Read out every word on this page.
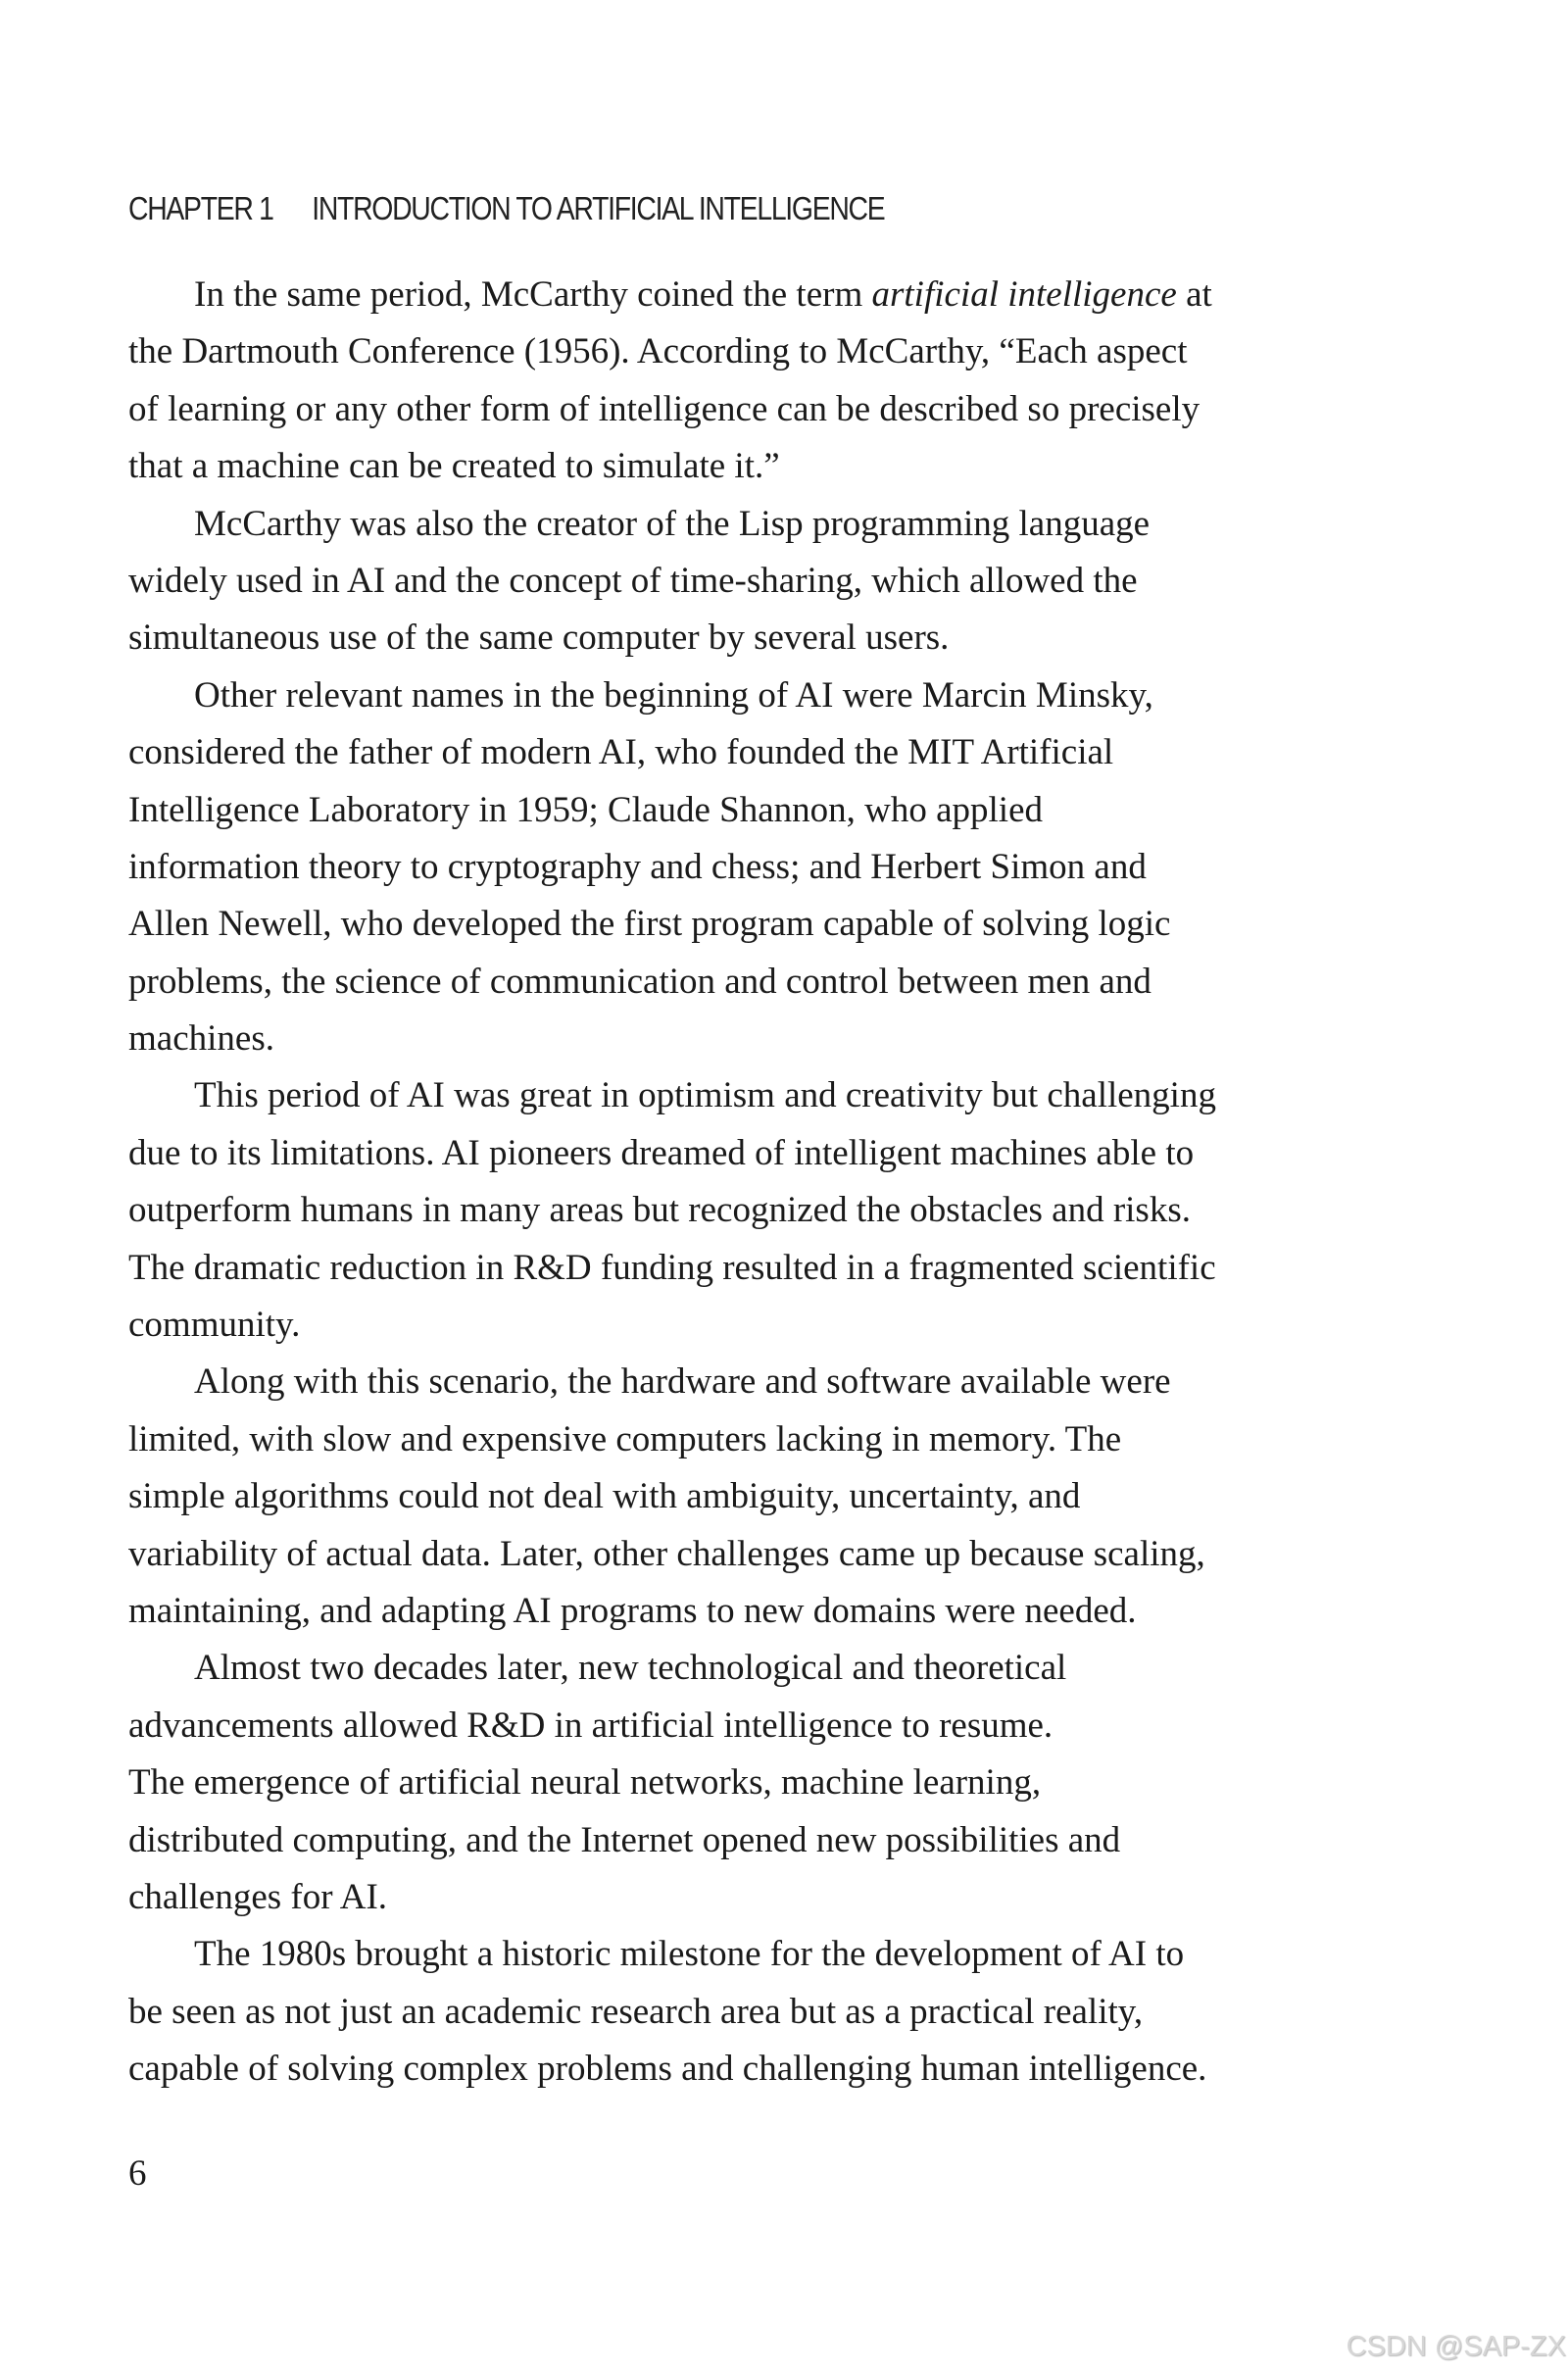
CHAPTER 1 INTRODUCTION TO ARTIFICIAL INTELLIGENCE
In the same period, McCarthy coined the term artificial intelligence at
the Dartmouth Conference (1956). According to McCarthy, “Each aspect
of learning or any other form of intelligence can be described so precisely
that a machine can be created to simulate it.”
McCarthy was also the creator of the Lisp programming language
widely used in AI and the concept of time-sharing, which allowed the
simultaneous use of the same computer by several users.
Other relevant names in the beginning of AI were Marcin Minsky,
considered the father of modern AI, who founded the MIT Artificial
Intelligence Laboratory in 1959; Claude Shannon, who applied
information theory to cryptography and chess; and Herbert Simon and
Allen Newell, who developed the first program capable of solving logic
problems, the science of communication and control between men and
machines.
This period of AI was great in optimism and creativity but challenging
due to its limitations. AI pioneers dreamed of intelligent machines able to
outperform humans in many areas but recognized the obstacles and risks.
The dramatic reduction in R&D funding resulted in a fragmented scientific
community.
Along with this scenario, the hardware and software available were
limited, with slow and expensive computers lacking in memory. The
simple algorithms could not deal with ambiguity, uncertainty, and
variability of actual data. Later, other challenges came up because scaling,
maintaining, and adapting AI programs to new domains were needed.
Almost two decades later, new technological and theoretical
advancements allowed R&D in artificial intelligence to resume.
The emergence of artificial neural networks, machine learning,
distributed computing, and the Internet opened new possibilities and
challenges for AI.
The 1980s brought a historic milestone for the development of AI to
be seen as not just an academic research area but as a practical reality,
capable of solving complex problems and challenging human intelligence.
6
CSDN @SAP-ZX
